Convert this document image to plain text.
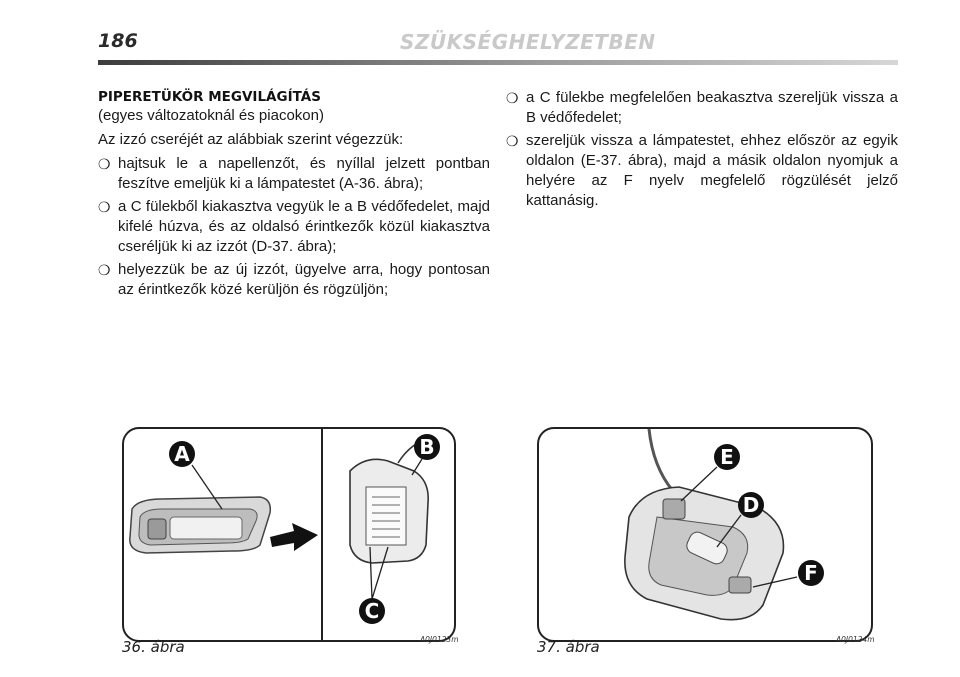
186	SZÜKSÉGHELYZETBEN
PIPERETÜKÖR MEGVILÁGÍTÁS

(egyes változatoknál és piacokon)

Az izzó cseréjét az alábbiak szerint végezzük:

❍ hajtsuk le a napellenzőt, és nyíllal jelzett pontban feszítve emeljük ki a lámpatestet (A-36. ábra);
❍ a C fülekből kiakasztva vegyük le a B védőfedelet, majd kifelé húzva, és az oldalsó érintkezők közül kiakasztva cseréljük ki az izzót (D-37. ábra);
❍ helyezzük be az új izzót, ügyelve arra, hogy pontosan az érintkezők közé kerüljön és rögzüljön;
❍ a C fülekbe megfelelően beakasztva szereljük vissza a B védőfedelet;
❍ szereljük vissza a lámpatestet, ehhez először az egyik oldalon (E-37. ábra), majd a másik oldalon nyomjuk a helyére az F nyelv megfelelő rögzülését jelző kattanásig.
A	B
C
E
D
F
36. ábra	A0J0123m	37. ábra	A0J0124m
